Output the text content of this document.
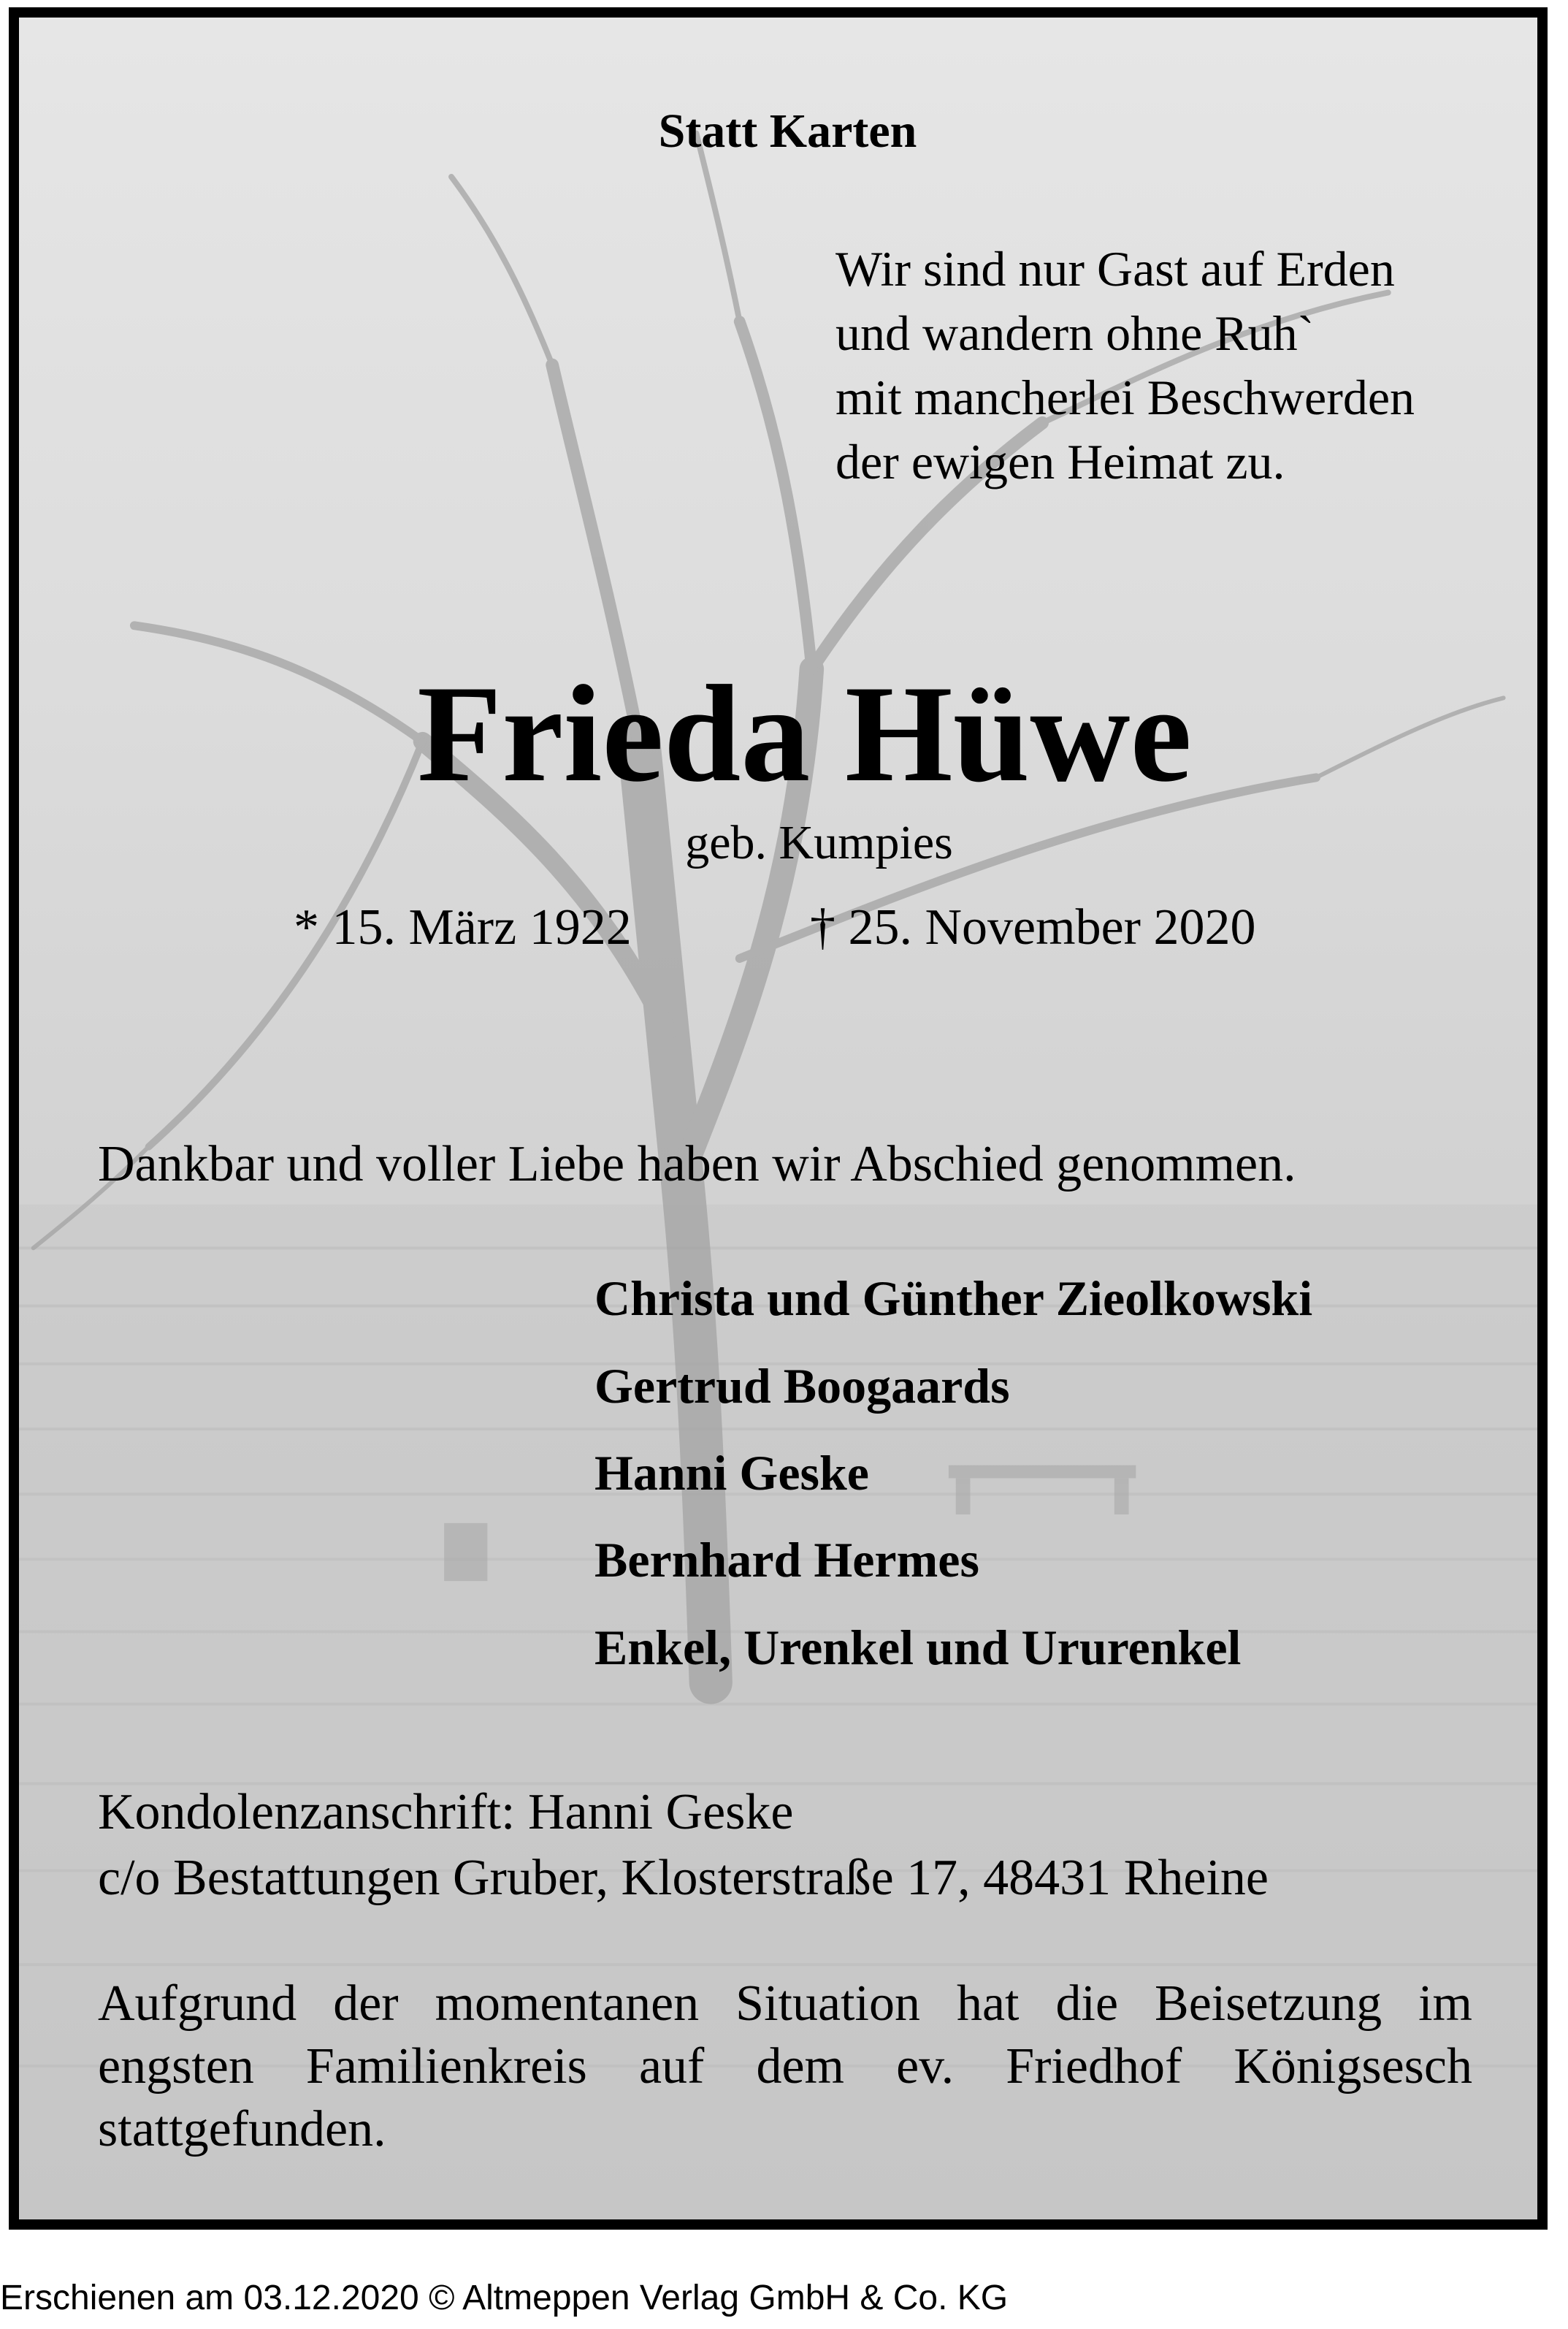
Statt Karten
Wir sind nur Gast auf Erden
und wandern ohne Ruh`
mit mancherlei Beschwerden
der ewigen Heimat zu.
Frieda Hüwe
geb. Kumpies
* 15. März 1922	† 25. November 2020
Dankbar und voller Liebe haben wir Abschied genommen.
Christa und Günther Zieolkowski
Gertrud Boogaards
Hanni Geske
Bernhard Hermes
Enkel, Urenkel und Ururenkel
Kondolenzanschrift: Hanni Geske
c/o Bestattungen Gruber, Klosterstraße 17, 48431 Rheine
Aufgrund der momentanen Situation hat die Beisetzung im engsten Familienkreis auf dem ev. Friedhof Königsesch stattgefunden.
Erschienen am 03.12.2020 © Altmeppen Verlag GmbH & Co. KG
